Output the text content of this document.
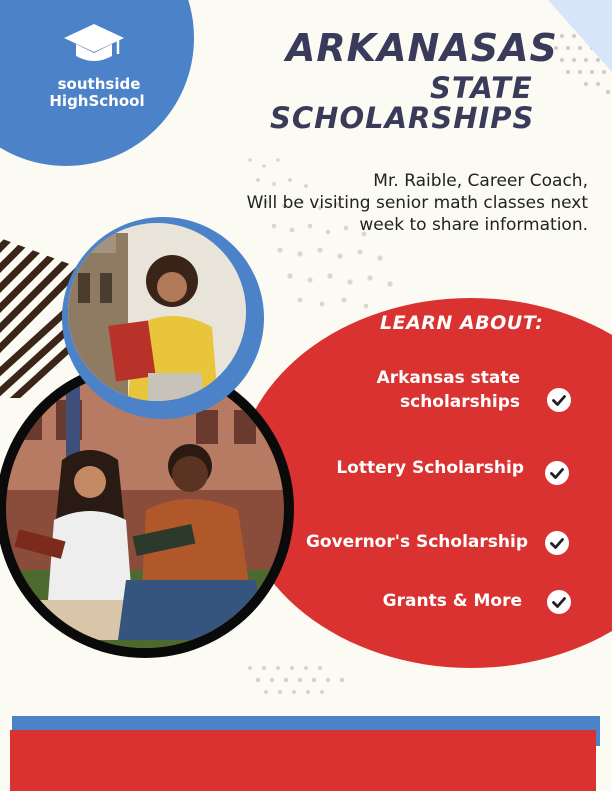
southside
HighSchool
ARKANASAS
STATE
SCHOLARSHIPS
Mr. Raible, Career Coach,
Will be visiting senior math classes next
week to share information.
LEARN ABOUT:
Arkansas state
scholarships
Lottery Scholarship
Governor's Scholarship
Grants & More
